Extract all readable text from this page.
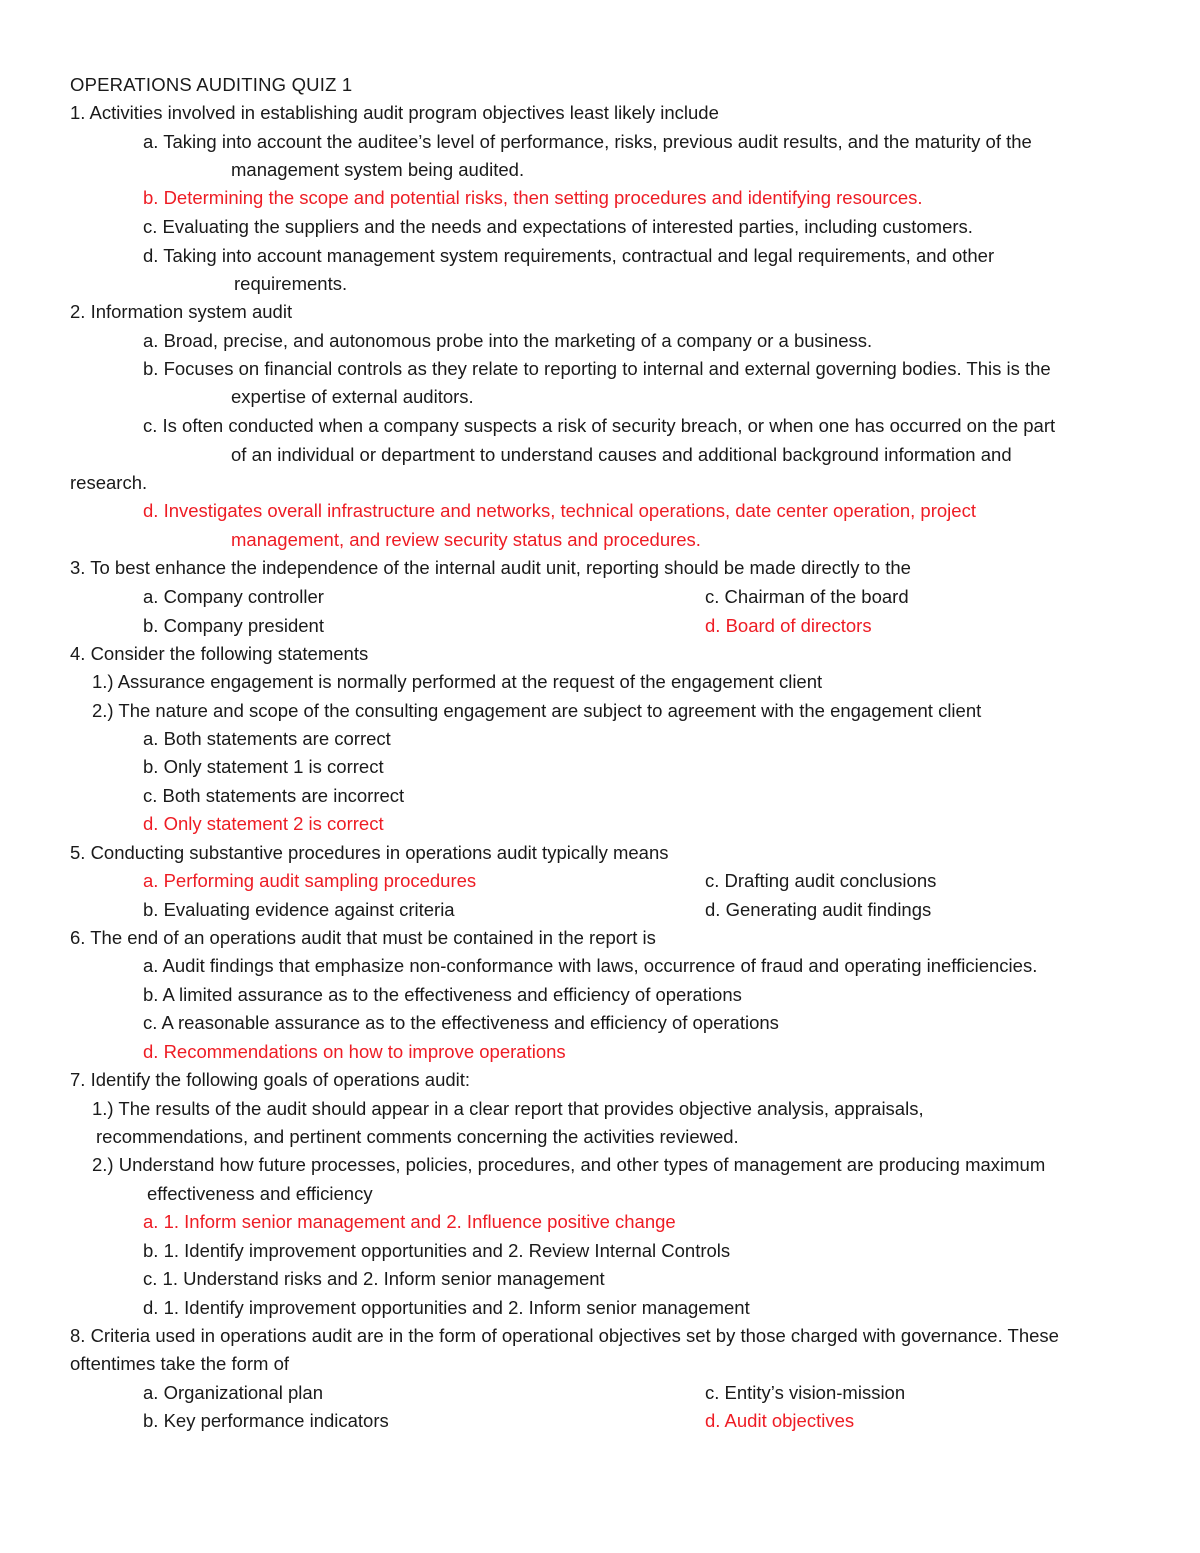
OPERATIONS AUDITING QUIZ 1
1. Activities involved in establishing audit program objectives least likely include
a. Taking into account the auditee’s level of performance, risks, previous audit results, and the maturity of the
management system being audited.
b. Determining the scope and potential risks, then setting procedures and identifying resources.
c. Evaluating the suppliers and the needs and expectations of interested parties, including customers.
d. Taking into account management system requirements, contractual and legal requirements, and other
requirements.
2. Information system audit
a. Broad, precise, and autonomous probe into the marketing of a company or a business.
b. Focuses on financial controls as they relate to reporting to internal and external governing bodies. This is the
expertise of external auditors.
c. Is often conducted when a company suspects a risk of security breach, or when one has occurred on the part
of an individual or department to understand causes and additional background information and
research.
d. Investigates overall infrastructure and networks, technical operations, date center operation, project
management, and review security status and procedures.
3. To best enhance the independence of the internal audit unit, reporting should be made directly to the
a. Company controller	c. Chairman of the board
b. Company president	d. Board of directors
4. Consider the following statements
1.) Assurance engagement is normally performed at the request of the engagement client
2.) The nature and scope of the consulting engagement are subject to agreement with the engagement client
a. Both statements are correct
b. Only statement 1 is correct
c. Both statements are incorrect
d. Only statement 2 is correct
5. Conducting substantive procedures in operations audit typically means
a. Performing audit sampling procedures	c. Drafting audit conclusions
b. Evaluating evidence against criteria	d. Generating audit findings
6. The end of an operations audit that must be contained in the report is
a. Audit findings that emphasize non-conformance with laws, occurrence of fraud and operating inefficiencies.
b. A limited assurance as to the effectiveness and efficiency of operations
c. A reasonable assurance as to the effectiveness and efficiency of operations
d. Recommendations on how to improve operations
7. Identify the following goals of operations audit:
1.) The results of the audit should appear in a clear report that provides objective analysis, appraisals,
recommendations, and pertinent comments concerning the activities reviewed.
2.) Understand how future processes, policies, procedures, and other types of management are producing maximum
effectiveness and efficiency
a. 1. Inform senior management and 2. Influence positive change
b. 1. Identify improvement opportunities and 2. Review Internal Controls
c. 1. Understand risks and 2. Inform senior management
d. 1. Identify improvement opportunities and 2. Inform senior management
8. Criteria used in operations audit are in the form of operational objectives set by those charged with governance. These
oftentimes take the form of
a. Organizational plan	c. Entity’s vision-mission
b. Key performance indicators	d. Audit objectives
